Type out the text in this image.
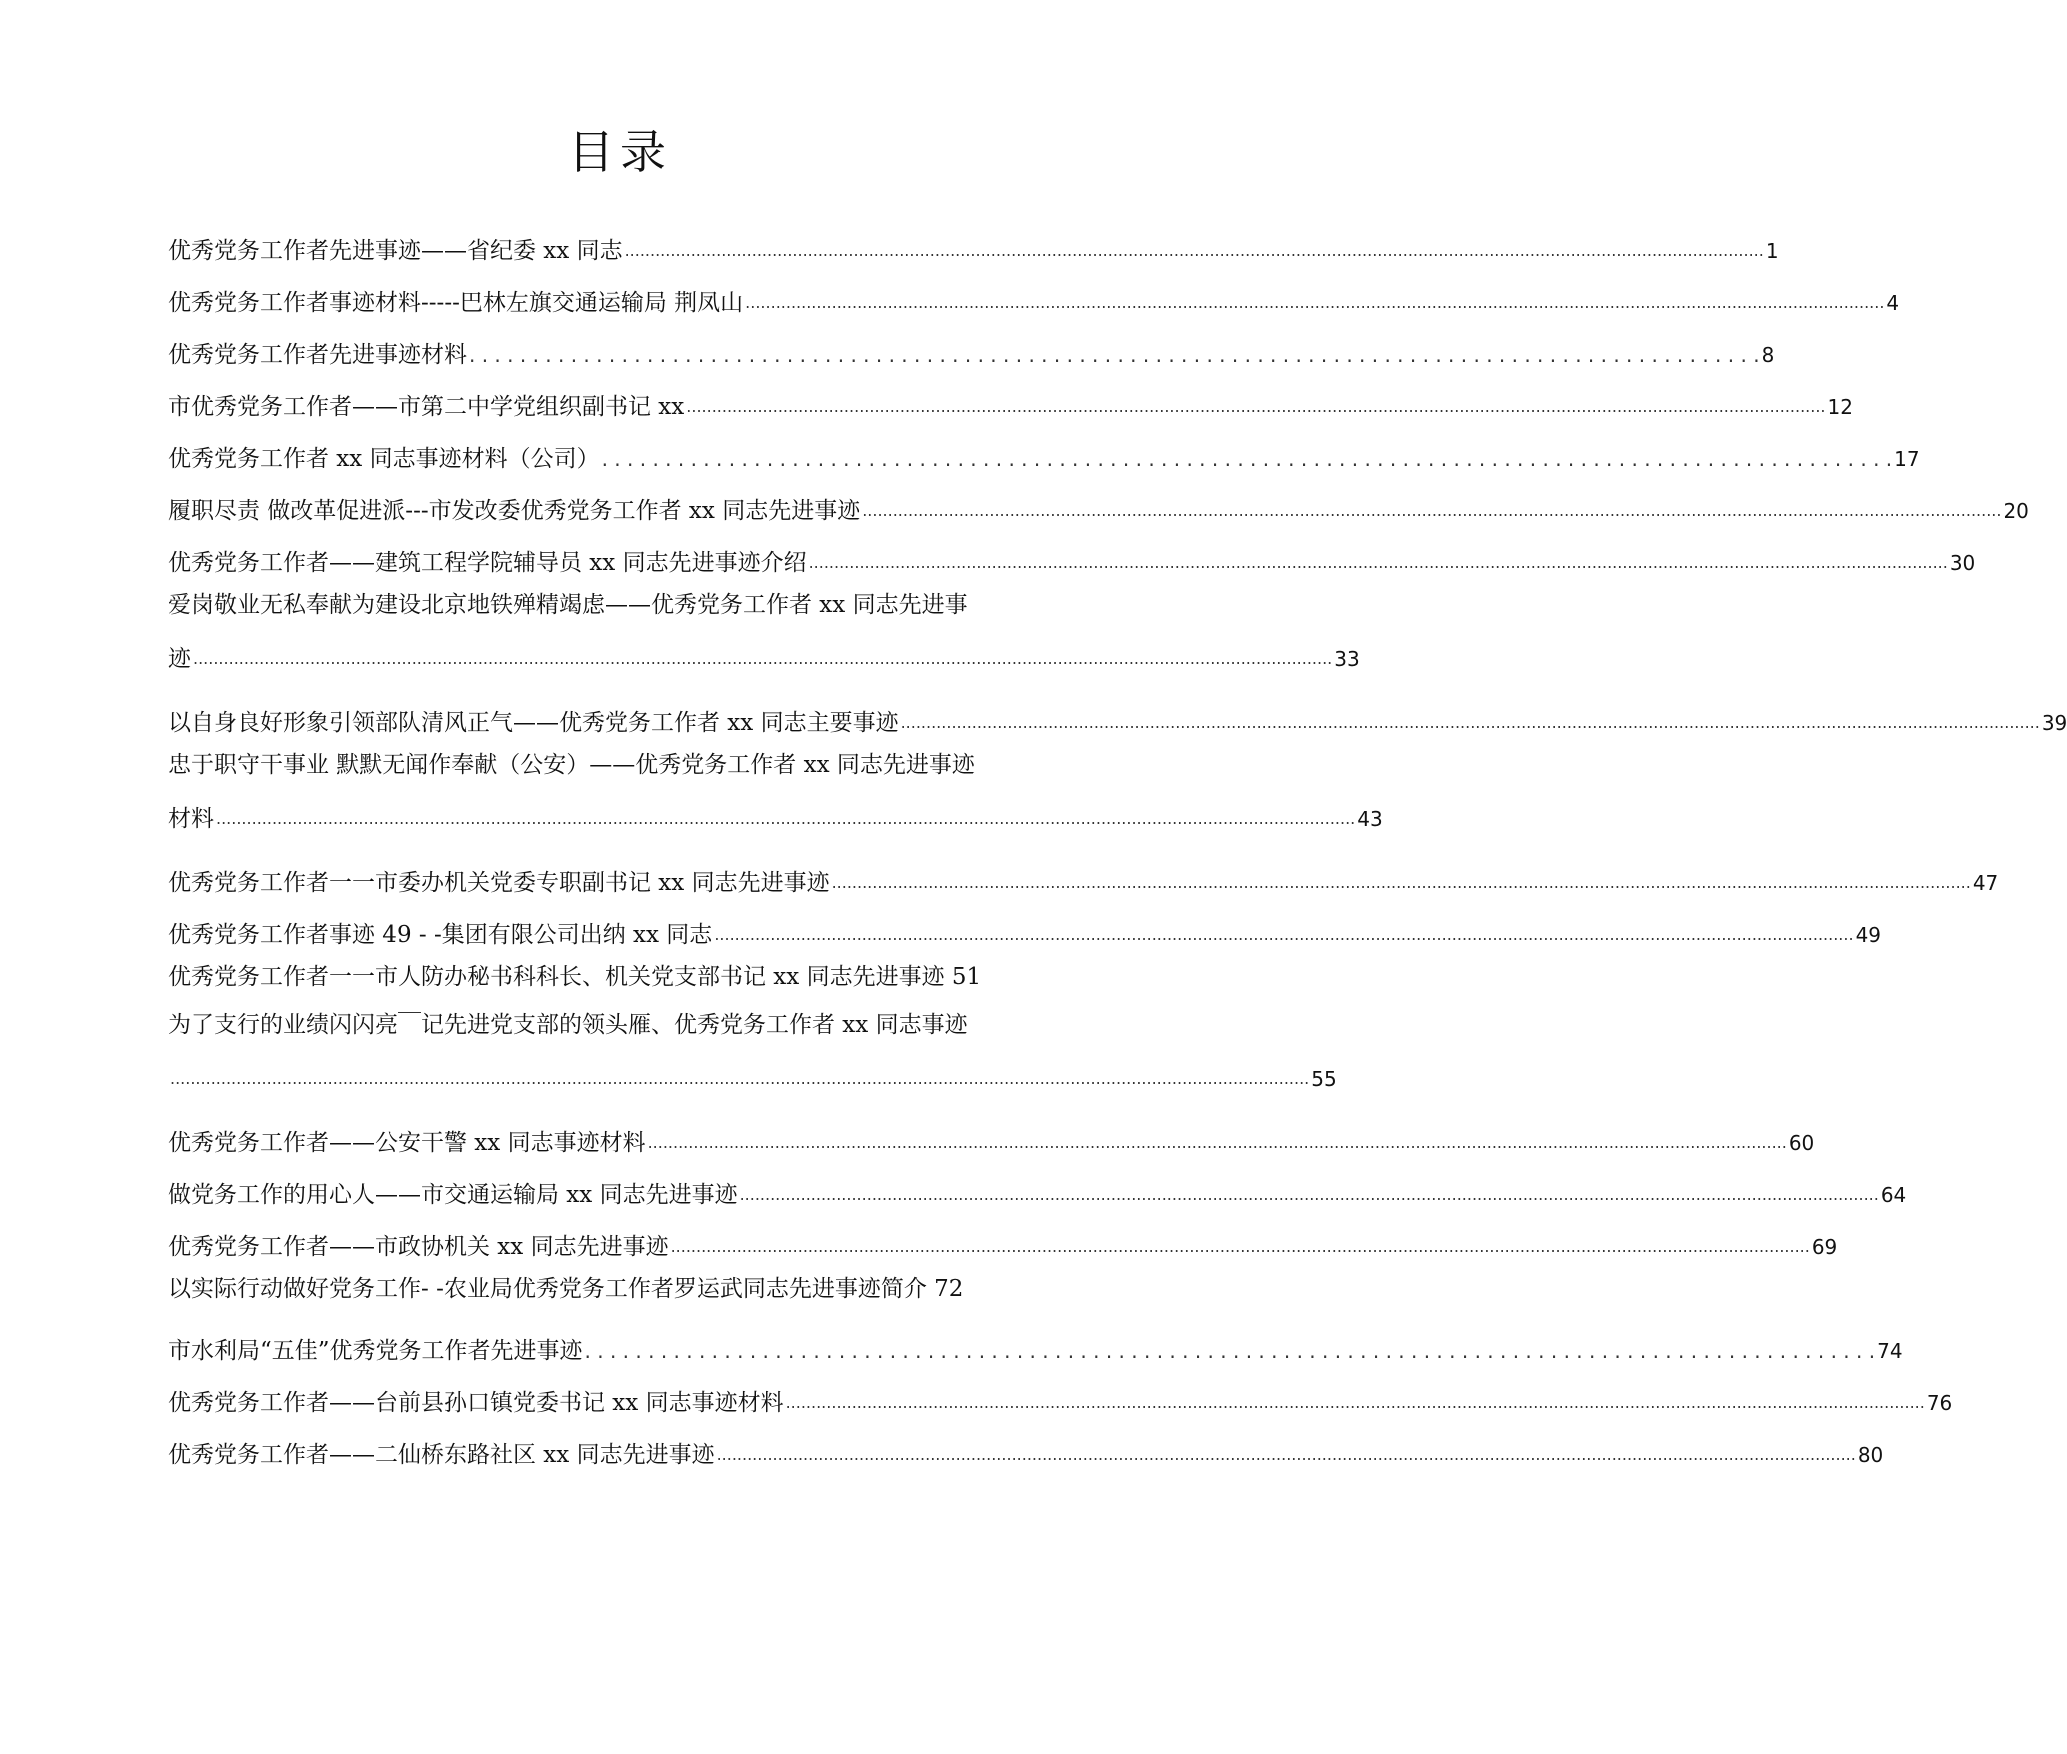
目录
优秀党务工作者先进事迹——省纪委 xx 同志 .....	1
优秀党务工作者事迹材料-----巴林左旗交通运输局 荆凤山 .....	4
优秀党务工作者先进事迹材料 . . .	8
市优秀党务工作者——市第二中学党组织副书记 xx .....	12
优秀党务工作者 xx 同志事迹材料（公司） . . .	17
履职尽责 做改革促进派---市发改委优秀党务工作者 xx 同志先进事迹 .....	20
优秀党务工作者——建筑工程学院辅导员 xx 同志先进事迹介绍 .....	30
爱岗敬业无私奉献为建设北京地铁殚精竭虑——优秀党务工作者 xx 同志先进事
迹 .....	33
以自身良好形象引领部队清风正气——优秀党务工作者 xx 同志主要事迹 .....	39
忠于职守干事业 默默无闻作奉献（公安）——优秀党务工作者 xx 同志先进事迹
材料 .....	43
优秀党务工作者一一市委办机关党委专职副书记 xx 同志先进事迹 .....	47
优秀党务工作者事迹 49 - -集团有限公司出纳 xx 同志 .....	49
优秀党务工作者一一市人防办秘书科科长、机关党支部书记 xx 同志先进事迹 51
为了支行的业绩闪闪亮￣记先进党支部的领头雁、优秀党务工作者 xx 同志事迹
.....
55
优秀党务工作者——公安干警 xx 同志事迹材料 .....	60
做党务工作的用心人——市交通运输局 xx 同志先进事迹 .....	64
优秀党务工作者——市政协机关 xx 同志先进事迹 .....	69
以实际行动做好党务工作- -农业局优秀党务工作者罗运武同志先进事迹简介 72
市水利局“五佳”优秀党务工作者先进事迹 . . .	74
优秀党务工作者——台前县孙口镇党委书记 xx 同志事迹材料 .....	76
优秀党务工作者——二仙桥东路社区 xx 同志先进事迹 .....	80
